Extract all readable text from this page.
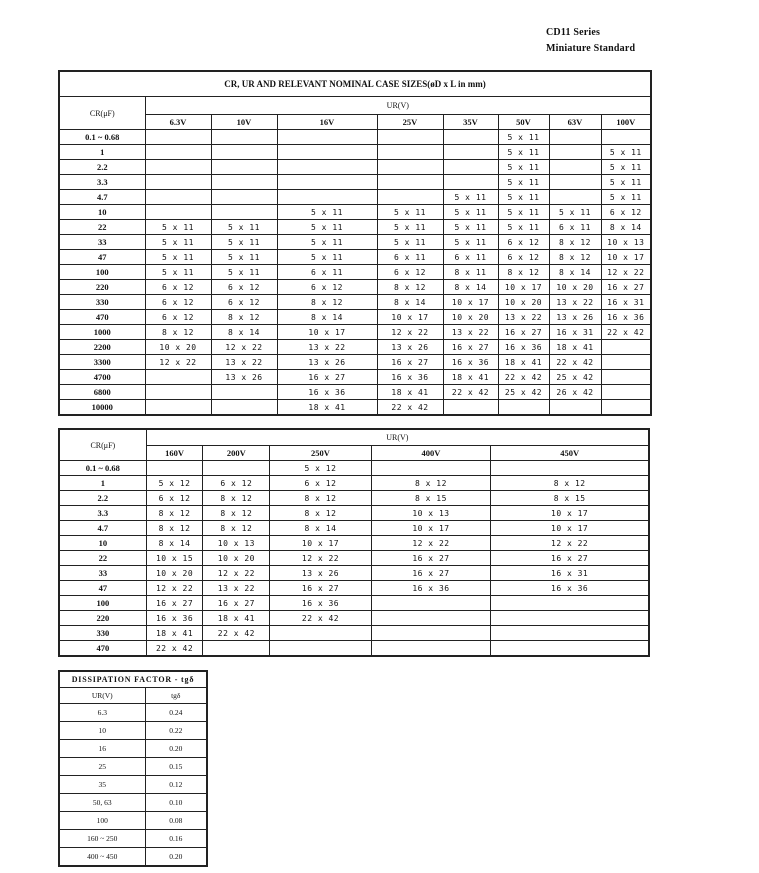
CD11 Series
Miniature Standard
CR, UR AND RELEVANT NOMINAL CASE SIZES(øD x L in mm)								
CR(μF)	UR(V)							
	6.3V	10V	16V	25V	35V	50V	63V	100V
0.1 ~ 0.68						5 x 11		
1						5 x 11		5 x 11
2.2						5 x 11		5 x 11
3.3						5 x 11		5 x 11
4.7					5 x 11	5 x 11		5 x 11
10			5 x 11	5 x 11	5 x 11	5 x 11	5 x 11	6 x 12
22	5 x 11	5 x 11	5 x 11	5 x 11	5 x 11	5 x 11	6 x 11	8 x 14
33	5 x 11	5 x 11	5 x 11	5 x 11	5 x 11	6 x 12	8 x 12	10 x 13
47	5 x 11	5 x 11	5 x 11	6 x 11	6 x 11	6 x 12	8 x 12	10 x 17
100	5 x 11	5 x 11	6 x 11	6 x 12	8 x 11	8 x 12	8 x 14	12 x 22
220	6 x 12	6 x 12	6 x 12	8 x 12	8 x 14	10 x 17	10 x 20	16 x 27
330	6 x 12	6 x 12	8 x 12	8 x 14	10 x 17	10 x 20	13 x 22	16 x 31
470	6 x 12	8 x 12	8 x 14	10 x 17	10 x 20	13 x 22	13 x 26	16 x 36
1000	8 x 12	8 x 14	10 x 17	12 x 22	13 x 22	16 x 27	16 x 31	22 x 42
2200	10 x 20	12 x 22	13 x 22	13 x 26	16 x 27	16 x 36	18 x 41	
3300	12 x 22	13 x 22	13 x 26	16 x 27	16 x 36	18 x 41	22 x 42	
4700		13 x 26	16 x 27	16 x 36	18 x 41	22 x 42	25 x 42	
6800			16 x 36	18 x 41	22 x 42	25 x 42	26 x 42	
10000			18 x 41	22 x 42				
CR(μF)	UR(V)				
	160V	200V	250V	400V	450V
0.1 ~ 0.68			5 x 12		
1	5 x 12	6 x 12	6 x 12	8 x 12	8 x 12
2.2	6 x 12	8 x 12	8 x 12	8 x 15	8 x 15
3.3	8 x 12	8 x 12	8 x 12	10 x 13	10 x 17
4.7	8 x 12	8 x 12	8 x 14	10 x 17	10 x 17
10	8 x 14	10 x 13	10 x 17	12 x 22	12 x 22
22	10 x 15	10 x 20	12 x 22	16 x 27	16 x 27
33	10 x 20	12 x 22	13 x 26	16 x 27	16 x 31
47	12 x 22	13 x 22	16 x 27	16 x 36	16 x 36
100	16 x 27	16 x 27	16 x 36		
220	16 x 36	18 x 41	22 x 42		
330	18 x 41	22 x 42			
470	22 x 42				
DISSIPATION FACTOR - tgδ	
UR(V)	tgδ
6.3	0.24
10	0.22
16	0.20
25	0.15
35	0.12
50, 63	0.10
100	0.08
160 ~ 250	0.16
400 ~ 450	0.20
